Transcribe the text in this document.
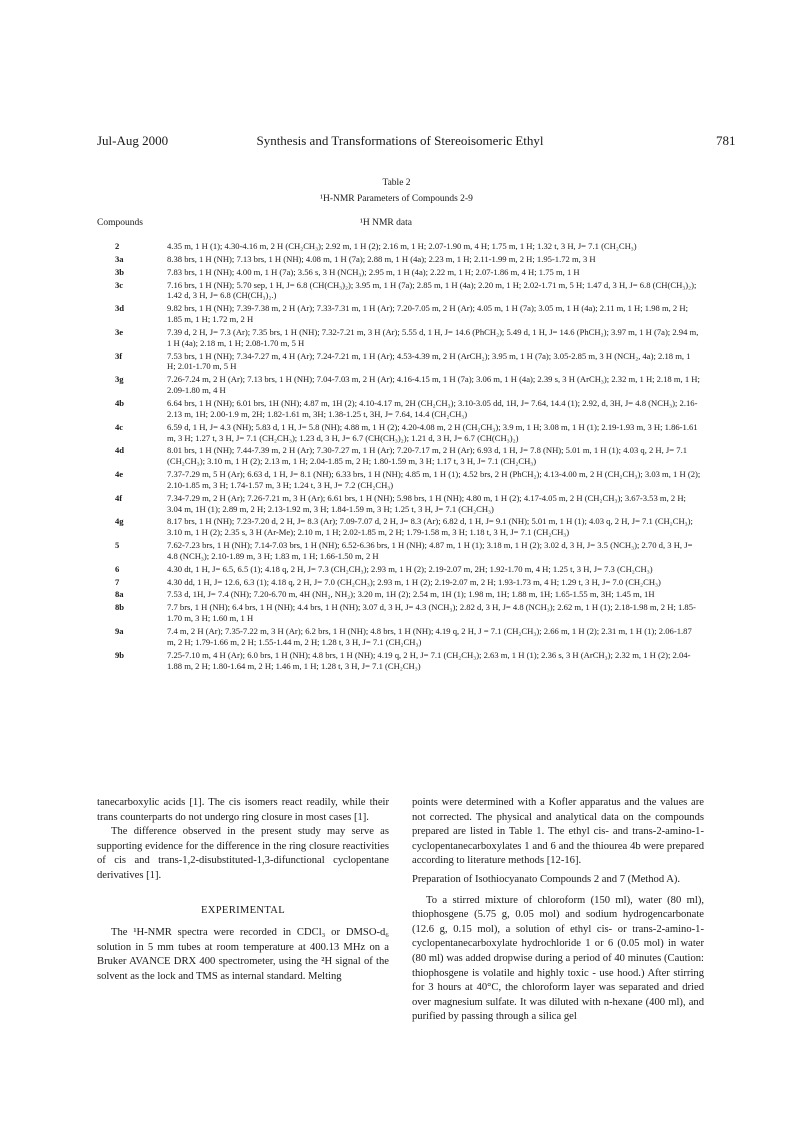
Jul-Aug 2000	Synthesis and Transformations of Stereoisomeric Ethyl	781
Table 2
¹H-NMR Parameters of Compounds 2-9
Compounds	¹H NMR data
2	4.35 m, 1 H (1); 4.30-4.16 m, 2 H (CH₂CH₃); 2.92 m, 1 H (2); 2.16 m, 1 H; 2.07-1.90 m, 4 H; 1.75 m, 1 H; 1.32 t, 3 H, J= 7.1 (CH₂CH₃)
3a	8.38 brs, 1 H (NH); 7.13 brs, 1 H (NH); 4.08 m, 1 H (7a); 2.88 m, 1 H (4a); 2.23 m, 1 H; 2.11-1.99 m, 2 H; 1.95-1.72 m, 3 H
3b	7.83 brs, 1 H (NH); 4.00 m, 1 H (7a); 3.56 s, 3 H (NCH₃); 2.95 m, 1 H (4a); 2.22 m, 1 H; 2.07-1.86 m, 4 H; 1.75 m, 1 H
3c	7.16 brs, 1 H (NH); 5.70 sep, 1 H, J= 6.8 (CH(CH₃)₂); 3.95 m, 1 H (7a); 2.85 m, 1 H (4a); 2.20 m, 1 H; 2.02-1.71 m, 5 H; 1.47 d, 3 H, J= 6.8 (CH(CH₃)₂); 1.42 d, 3 H, J= 6.8 (CH(CH₃)₂.)
3d	9.82 brs, 1 H (NH); 7.39-7.38 m, 2 H (Ar); 7.33-7.31 m, 1 H (Ar); 7.20-7.05 m, 2 H (Ar); 4.05 m, 1 H (7a); 3.05 m, 1 H (4a); 2.11 m, 1 H; 1.98 m, 2 H; 1.85 m, 1 H; 1.72 m, 2 H
3e	7.39 d, 2 H, J= 7.3 (Ar); 7.35 brs, 1 H (NH); 7.32-7.21 m, 3 H (Ar); 5.55 d, 1 H, J= 14.6 (PhCH₂); 5.49 d, 1 H, J= 14.6 (PhCH₂); 3.97 m, 1 H (7a); 2.94 m, 1 H (4a); 2.18 m, 1 H; 2.08-1.70 m, 5 H
3f	7.53 brs, 1 H (NH); 7.34-7.27 m, 4 H (Ar); 7.24-7.21 m, 1 H (Ar); 4.53-4.39 m, 2 H (ArCH₂); 3.95 m, 1 H (7a); 3.05-2.85 m, 3 H (NCH₂, 4a); 2.18 m, 1 H; 2.01-1.70 m, 5 H
3g	7.26-7.24 m, 2 H (Ar); 7.13 brs, 1 H (NH); 7.04-7.03 m, 2 H (Ar); 4.16-4.15 m, 1 H (7a); 3.06 m, 1 H (4a); 2.39 s, 3 H (ArCH₃); 2.32 m, 1 H; 2.18 m, 1 H; 2.09-1.80 m, 4 H
4b	6.64 brs, 1 H (NH); 6.01 brs, 1H (NH); 4.87 m, 1H (2); 4.10-4.17 m, 2H (CH₂CH₃); 3.10-3.05 dd, 1H, J= 7.64, 14.4 (1); 2.92, d, 3H, J= 4.8 (NCH₃); 2.16-2.13 m, 1H; 2.00-1.9 m, 2H; 1.82-1.61 m, 3H; 1.38-1.25 t, 3H, J= 7.64, 14.4 (CH₂CH₃)
4c	6.59 d, 1 H, J= 4.3 (NH); 5.83 d, 1 H, J= 5.8 (NH); 4.88 m, 1 H (2); 4.20-4.08 m, 2 H (CH₂CH₃); 3.9 m, 1 H; 3.08 m, 1 H (1); 2.19-1.93 m, 3 H; 1.86-1.61 m, 3 H; 1.27 t, 3 H, J= 7.1 (CH₂CH₃); 1.23 d, 3 H, J= 6.7 (CH(CH₃)₂); 1.21 d, 3 H, J= 6.7 (CH(CH₃)₂)
4d	8.01 brs, 1 H (NH); 7.44-7.39 m, 2 H (Ar); 7.30-7.27 m, 1 H (Ar); 7.20-7.17 m, 2 H (Ar); 6.93 d, 1 H, J= 7.8 (NH); 5.01 m, 1 H (1); 4.03 q, 2 H, J= 7.1 (CH₂CH₃); 3.10 m, 1 H (2); 2.13 m, 1 H; 2.04-1.85 m, 2 H; 1.80-1.59 m, 3 H; 1.17 t, 3 H, J= 7.1 (CH₂CH₃)
4e	7.37-7.29 m, 5 H (Ar); 6.63 d, 1 H, J= 8.1 (NH); 6.33 brs, 1 H (NH); 4.85 m, 1 H (1); 4.52 brs, 2 H (PhCH₂); 4.13-4.00 m, 2 H (CH₂CH₃); 3.03 m, 1 H (2); 2.10-1.85 m, 3 H; 1.74-1.57 m, 3 H; 1.24 t, 3 H, J= 7.2 (CH₂CH₃)
4f	7.34-7.29 m, 2 H (Ar); 7.26-7.21 m, 3 H (Ar); 6.61 brs, 1 H (NH); 5.98 brs, 1 H (NH); 4.80 m, 1 H (2); 4.17-4.05 m, 2 H (CH₂CH₃); 3.67-3.53 m, 2 H; 3.04 m, 1H (1); 2.89 m, 2 H; 2.13-1.92 m, 3 H; 1.84-1.59 m, 3 H; 1.25 t, 3 H, J= 7.1 (CH₂CH₃)
4g	8.17 brs, 1 H (NH); 7.23-7.20 d, 2 H, J= 8.3 (Ar); 7.09-7.07 d, 2 H, J= 8.3 (Ar); 6.82 d, 1 H, J= 9.1 (NH); 5.01 m, 1 H (1); 4.03 q, 2 H, J= 7.1 (CH₂CH₃); 3.10 m, 1 H (2); 2.35 s, 3 H (Ar-Me); 2.10 m, 1 H; 2.02-1.85 m, 2 H; 1.79-1.58 m, 3 H; 1.18 t, 3 H, J= 7.1 (CH₂CH₃)
5	7.62-7.23 brs, 1 H (NH); 7.14-7.03 brs, 1 H (NH); 6.52-6.36 brs, 1 H (NH); 4.87 m, 1 H (1); 3.18 m, 1 H (2); 3.02 d, 3 H, J= 3.5 (NCH₃); 2.70 d, 3 H, J= 4.8 (NCH₃); 2.10-1.89 m, 3 H; 1.83 m, 1 H; 1.66-1.50 m, 2 H
6	4.30 dt, 1 H, J= 6.5, 6.5 (1); 4.18 q, 2 H, J= 7.3 (CH₂CH₃); 2.93 m, 1 H (2); 2.19-2.07 m, 2H; 1.92-1.70 m, 4 H; 1.25 t, 3 H, J= 7.3 (CH₂CH₃)
7	4.30 dd, 1 H, J= 12.6, 6.3 (1); 4.18 q, 2 H, J= 7.0 (CH₂CH₃); 2.93 m, 1 H (2); 2.19-2.07 m, 2 H; 1.93-1.73 m, 4 H; 1.29 t, 3 H, J= 7.0 (CH₂CH₃)
8a	7.53 d, 1H, J= 7.4 (NH); 7.20-6.70 m, 4H (NH₂, NH₂); 3.20 m, 1H (2); 2.54 m, 1H (1); 1.98 m, 1H; 1.88 m, 1H; 1.65-1.55 m, 3H; 1.45 m, 1H
8b	7.7 brs, 1 H (NH); 6.4 brs, 1 H (NH); 4.4 brs, 1 H (NH); 3.07 d, 3 H, J= 4.3 (NCH₃); 2.82 d, 3 H, J= 4.8 (NCH₃); 2.62 m, 1 H (1); 2.18-1.98 m, 2 H; 1.85-1.70 m, 3 H; 1.60 m, 1 H
9a	7.4 m, 2 H (Ar); 7.35-7.22 m, 3 H (Ar); 6.2 brs, 1 H (NH); 4.8 brs, 1 H (NH); 4.19 q, 2 H, J = 7.1 (CH₂CH₃); 2.66 m, 1 H (2); 2.31 m, 1 H (1); 2.06-1.87 m, 2 H; 1.79-1.66 m, 2 H; 1.55-1.44 m, 2 H; 1.28 t, 3 H, J= 7.1 (CH₂CH₃)
9b	7.25-7.10 m, 4 H (Ar); 6.0 brs, 1 H (NH); 4.8 brs, 1 H (NH); 4.19 q, 2 H, J= 7.1 (CH₂CH₃); 2.63 m, 1 H (1); 2.36 s, 3 H (ArCH₃); 2.32 m, 1 H (2); 2.04-1.88 m, 2 H; 1.80-1.64 m, 2 H; 1.46 m, 1 H; 1.28 t, 3 H, J= 7.1 (CH₂CH₃)

tanecarboxylic acids [1]. The cis isomers react readily, while their trans counterparts do not undergo ring closure in most cases [1].

The difference observed in the present study may serve as supporting evidence for the difference in the ring closure reactivities of cis and trans-1,2-disubstituted-1,3-difunctional cyclopentane derivatives [1].

EXPERIMENTAL

The ¹H-NMR spectra were recorded in CDCl₃ or DMSO-d₆ solution in 5 mm tubes at room temperature at 400.13 MHz on a Bruker AVANCE DRX 400 spectrometer, using the ²H signal of the solvent as the lock and TMS as internal standard. Melting

points were determined with a Kofler apparatus and the values are not corrected. The physical and analytical data on the compounds prepared are listed in Table 1. The ethyl cis- and trans-2-amino-1-cyclopentanecarboxylates 1 and 6 and the thiourea 4b were prepared according to literature methods [12-16].

Preparation of Isothiocyanato Compounds 2 and 7 (Method A).

To a stirred mixture of chloroform (150 ml), water (80 ml), thiophosgene (5.75 g, 0.05 mol) and sodium hydrogencarbonate (12.6 g, 0.15 mol), a solution of ethyl cis- or trans-2-amino-1-cyclopentanecarboxylate hydrochloride 1 or 6 (0.05 mol) in water (80 ml) was added dropwise during a period of 40 minutes (Caution: thiophosgene is volatile and highly toxic - use hood.) After stirring for 3 hours at 40°C, the chloroform layer was separated and dried over magnesium sulfate. It was diluted with n-hexane (400 ml), and purified by passing through a silica gel
